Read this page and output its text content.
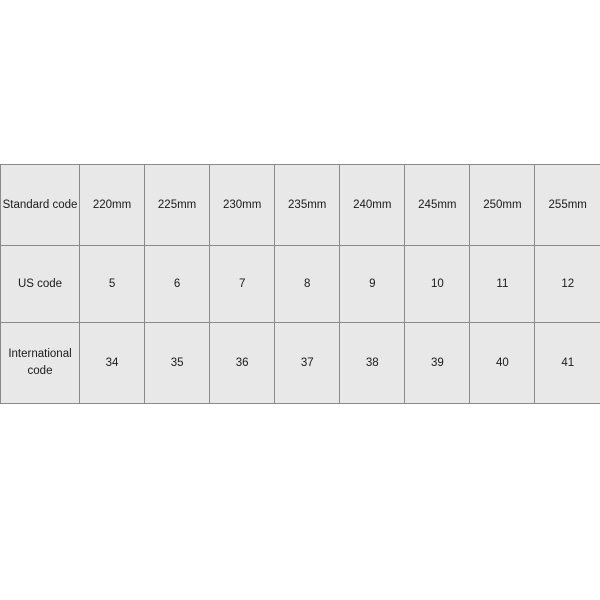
Standard code	220mm	225mm	230mm	235mm	240mm	245mm	250mm	255mm
US code	5	6	7	8	9	10	11	12
International code	34	35	36	37	38	39	40	41
